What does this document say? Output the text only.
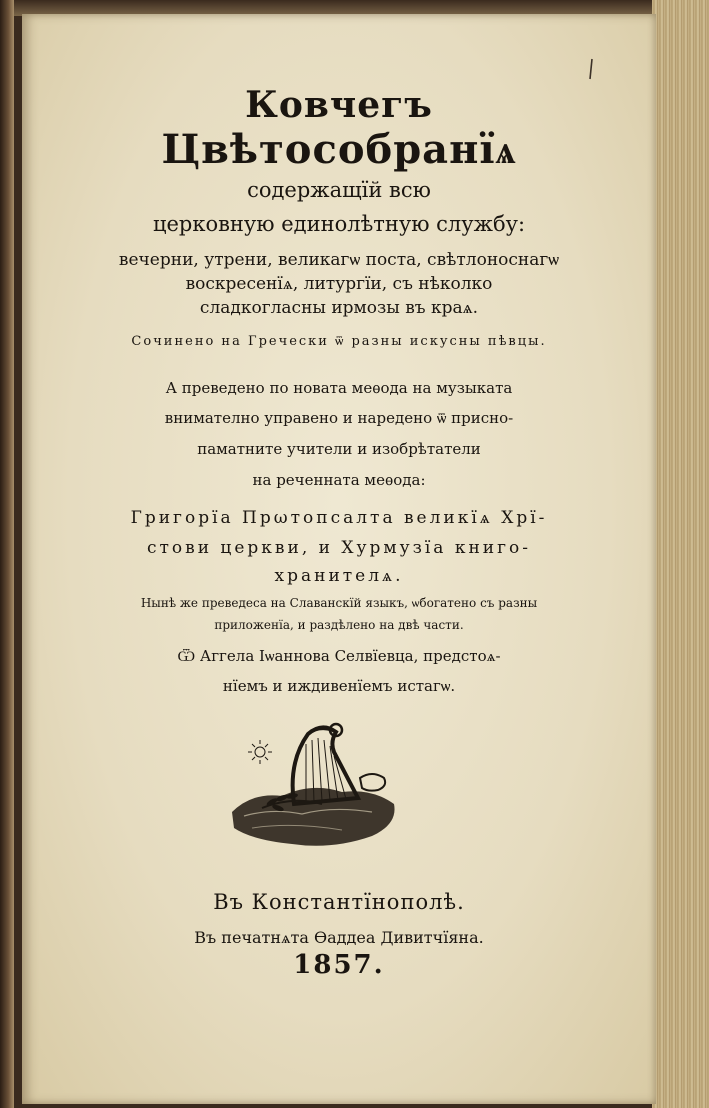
Ковчегъ
Цвѣтособранїѧ
содержащїй всю
церковную единолѣтную службу:
вечерни, утрени, великагѡ поста, свѣтлоноснагѡ
воскресенїѧ, литургїи, съ нѣколко
сладкогласны ирмозы въ краѧ.
Сочинено на Гречески ѿ разны искусны пѣвцы.
А преведено по новата меѳода на музыката
внимателно управено и наредено ѿ присно-
паматните учители и изобрѣтатели
на реченната меѳода:
Григорїа Прωтопсалта великїѧ Хрї-
стови церкви, и Хурмузїа книго-
хранителѧ.
Нынѣ же преведеса на Славанскїй языкъ, ѡбогатено съ разны
приложенїа, и раздѣлено на двѣ части.
Ѿ Аггела Іѡаннова Селвїевца, предстоѧ-
нїемъ и иждивенїемъ истагѡ.
Въ Константїнополѣ.
Въ печатнѧта Ѳаддеа Дивитчїяна.
1857.
